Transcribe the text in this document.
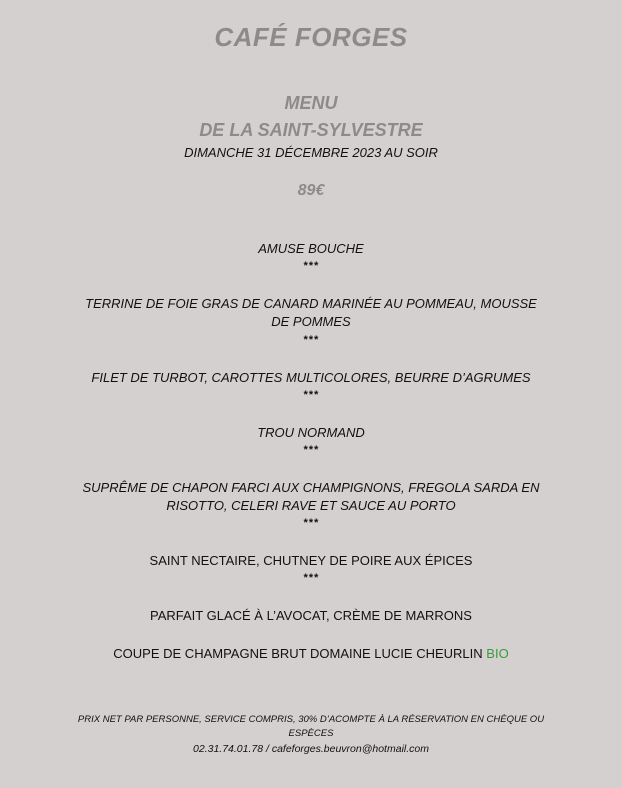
CAFÉ FORGES
MENU
DE LA SAINT-SYLVESTRE
DIMANCHE 31 DÉCEMBRE 2023 AU SOIR
89€
AMUSE BOUCHE
***
TERRINE DE FOIE GRAS DE CANARD MARINÉE AU POMMEAU, MOUSSE DE POMMES
***
FILET DE TURBOT, CAROTTES MULTICOLORES, BEURRE D’AGRUMES
***
TROU NORMAND
***
SUPRÊME DE CHAPON FARCI AUX CHAMPIGNONS, FREGOLA SARDA EN RISOTTO, CELERI RAVE ET SAUCE AU PORTO
***
SAINT NECTAIRE, CHUTNEY DE POIRE AUX ÉPICES
***
PARFAIT GLACÉ À L’AVOCAT, CRÈME DE MARRONS
COUPE DE CHAMPAGNE BRUT DOMAINE LUCIE CHEURLIN BIO
PRIX NET PAR PERSONNE, SERVICE COMPRIS, 30% D’ACOMPTE À LA RÉSERVATION EN CHÈQUE OU ESPÈCES
02.31.74.01.78 / cafeforges.beuvron@hotmail.com
